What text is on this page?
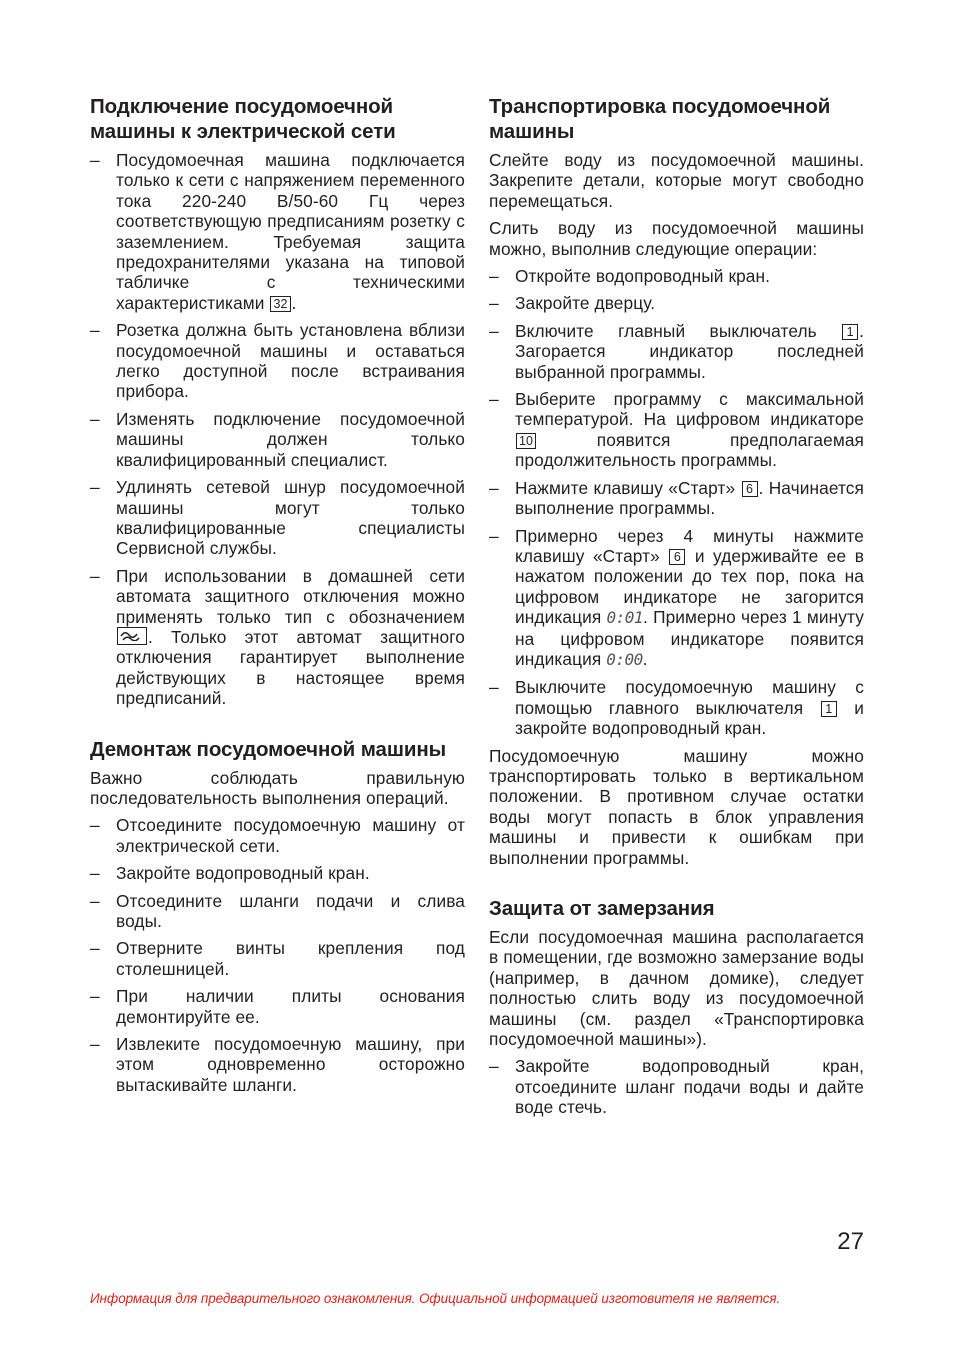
Подключение посудомоечной машины к электрической сети
– Посудомоечная машина подключается только к сети с напряжением переменного тока 220-240 В/50-60 Гц через соответствующую предписаниям розетку с заземлением. Требуемая защита предохранителями указана на типовой табличке с техническими характеристиками 32 .
– Розетка должна быть установлена вблизи посудомоечной машины и оставаться легко доступной после встраивания прибора.
– Изменять подключение посудомоечной машины должен только квалифицированный специалист.
– Удлинять сетевой шнур посудомоечной машины могут только квалифицированные специалисты Сервисной службы.
– При использовании в домашней сети автомата защитного отключения можно применять только тип с обозначением
. Только этот автомат защитного отключения гарантирует выполнение действующих в настоящее время предписаний.
Демонтаж посудомоечной машины

Важно соблюдать правильную последовательность выполнения операций.

– Отсоедините посудомоечную машину от электрической сети.
– Закройте водопроводный кран.
– Отсоедините шланги подачи и слива воды.
– Отверните винты крепления под столешницей.
– При наличии плиты основания демонтируйте ее.
– Извлеките посудомоечную машину, при этом одновременно осторожно вытаскивайте шланги.
Транспортировка посудомоечной машины

Слейте воду из посудомоечной машины. Закрепите детали, которые могут свободно перемещаться.

Слить воду из посудомоечной машины можно, выполнив следующие операции:

– Откройте водопроводный кран.
– Закройте дверцу.
– Включите главный выключатель 1 . Загорается индикатор последней выбранной программы.
– Выберите программу с максимальной температурой. На цифровом индикаторе 10	появится предполагаемая продолжительность программы.
– Нажмите клавишу «Старт» 6 . Начинается выполнение программы.
– Примерно через 4 минуты нажмите клавишу «Старт» 6 и удерживайте ее в нажатом положении до тех пор, пока на цифровом индикаторе не загорится индикация 0:01. Примерно через 1 минуту на цифровом индикаторе появится индикация 0:00.
– Выключите посудомоечную машину с помощью главного выключателя 1 и закройте водопроводный кран.

Посудомоечную машину можно транспортировать только в вертикальном положении. В противном случае остатки воды могут попасть в блок управления машины и привести к ошибкам при выполнении программы.

Защита от замерзания

Если посудомоечная машина располагается в помещении, где возможно замерзание воды (например, в дачном домике), следует полностью слить воду из посудомоечной машины (см. раздел «Транспортировка посудомоечной машины»).

– Закройте водопроводный кран, отсоедините шланг подачи воды и дайте воде стечь.
27
Информация для предварительного ознакомления. Официальной информацией изготовителя не является.
